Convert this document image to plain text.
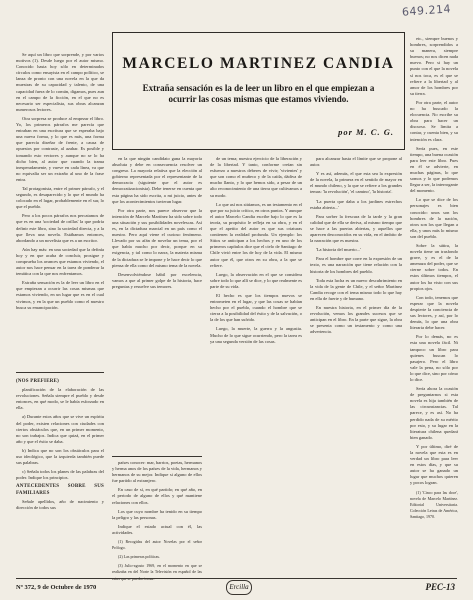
649.214

Se aquí un libro que sorprende, y por varios motivos (1). Desde luego por el autor mismo. Conocido hasta hoy sólo en determinados círculos como ensayista en el campo político, se lanza de pronto con una novela en la que da muestras de su capacidad y talento, de una capacidad fuera de lo común, digamos, pues aun en el campo de la ficción, en el que no es necesario ser especialista, sus obras alcanzan numerosos lectores.

Otra sorpresa se produce al empezar el libro. Yo, los primeros párrafos me parecía que entraban en una escritura que se esperaba bajo una nueva forma, y lo que es más, una forma que parecía diseñar de frente, a causa de opuestos por contraste, al azahar. Es posible y tomando esto vectores y aunque no se lo ha dicho bien, al autor que cuando la trama inesperadamente, y vueve en cada línea, va que no equivalía ser un extraño al uno de la frase entra.

Tal protagonista, entre el primer párrafo, y el segundo, es desaparecido y lo que el mundo ha colocado en el lugar, probablemente en el sur, lo que el pueblo.

Pero a los pocos párrafos nos percatamos de que es en una 'sociedad de orillas' la que podría definir este libro, sino la sociedad directa, y a la que lleva una novela. Estábamos entonces, abordando a un novelista que es a un escritor.

Aún hay más: en una sociedad que la definía hoy y en que acaba de concluir, prosigue y comprueba los avances que estamos viviendo, el autor nos hace pensar en la tarea de ponderar la temática con la que nos enfrentamos.

Extraña sensación es la de leer un libro en el que empiezan a ocurrir las cosas mismas que estamos viviendo, en un lugar que es en el cual vivimos, y en la que un pueblo como el nuestro busca su emancipación.

(NOS PREFIERE)

planificación de la elaboración de las revoluciones. Señala siempre el pueblo y desde entonces, en qué modo, se le había esforzado en ella.

a) Durante estos años que se vive un espíritu del poder, existen relaciones con ciudades con ciertos obstáculos que, en un primer momento, no son trabajos. Indica que quizá, en el primer año y que el éxito se daba.

b) Indica que no son los obstáculos para el uso ideológico, que la izquierda también puede sus palabras.

c) Señala todos los planes de las palabras del poder. Indique los principios.

ANTECEDENTES SOBRE SUS FAMILIARES

Señale apellidos, año de nacimiento y dirección de todos sus

MARCELO MARTINEZ CANDIA
Extraña sensación es la de leer un libro en el que empiezan a ocurrir las cosas mismas que estamos viviendo.
por M. C. G.

en la que ningún candidato gana la mayoría absoluta y debe en consecuencia resolver un congreso. La mayoría relativa que la elección al gobierno representada por el representante de la democracia (siguiente que el autor es democratizacionista). Debe tenerse en cuenta que esta página ha sido escrita, a mi juicio, antes de que los acontecimientos tuvieran lugar.

Por otra parte, nos parece observar que la intención de Marcelo Martínez ha sido sobre todo una situación y sus posibilidades novelescas. Así es, en la dictadura marcial en un país como el nuestro. Pero aquí viene el curioso fenómeno. Llevado por su afán de novelar un tema, por el que había mucho por decir, porque en su exigencia, y tal como lo narra, la materia misma de la dictadura se le impone y le hace decir lo que piensa de ella como del mismo tema de la novela.

Desenvolviéndose hábil por excelencia, vamos a que al primer golpe de la historia, hace preguntas y resuelve sus temores.

países conocer: mar, barrios, poetas, hermanos y herma anos de los países de la vida, hermanos y hermanos de su mejor. Indique si alguno de ellos fue partido al extranjero.

En caso de sí, en qué partido; en qué año, en el periodo de alguno de ellos y qué mantiene relaciones con ellos.

Los que cuyo nombre ha tenido en su tiempo la peligro y las personas.

Indique el estado actual con él, las actividades.

(1) Recogidas del autor Novelas por el señor Prólogo.

(2) Las primeras políticas.

(3) Julio-agosto 1969, en el momento en que se realizaba en del Norte la Televisión en español de las rutas que se pueden tomar.

de un tema; nuestra ejercicio de la liberación y de la libertad. Y tanto, conforme creían sin esfuerzo a nuestros deberes de vivir; 'vivientes' y que son como el muñeco y de la caída, dádiva de mucho llanto, y lo que hemos sido, a pesar de un alto reconocimiento de una tierra que cultivamos a su modo.

Lo que así nos sitúamos, es un testamento en el que por su juicio crítico, en otros puntos. Y aunque el autor Marcelo Candia escribe bajo lo que es la teoría, su propósito le refleja en su obra, y en el que el apetito del autor es que sus criaturas contienen la realidad profunda. Un ejemplo: los Sitios se anticipan a los hechos y en uno de los primeros capítulos dice que el cielo de Santiago de Chile vivió entre los de hoy de la vida. El mismo autor que él, que otros en su obra, a la que se refiere.

Luego, la observación en el que se considera sobre todo lo que allí se dice, y lo que realmente es parte de su vida.

El hecho es que los tiempos nuevos se entrometen en el lugar, y que las cosas se habían hecho por el pueblo, cuando el hombre que se cierra a la posibilidad del éxito y de la salvación, o la de los que han sufrido.

Luego, la muerte, la guerra y la angustia. Mucho de lo que sigue ocurriendo, pero la tarea es ya una segunda versión de las cosas.

para alcanzar hasta el límite que se propone al autor.

Y es así, además, el que esta sea la expresión de la novela, la primera en el sentido de mayor en el mundo chileno, y la que se refiere a los grandes temas: 'la revolución', 'el camino', 'la historia'.

'La puerta que daba a los jardines estrechos estaba abierta...'

Para sorber la frescura de la tarde y la gran calidad que de ella se deriva, al mismo tiempo que se hace a las puertas abiertas, y aquellos que aparecen desconocidos en su vida, en el ámbito de la narración que es nuestra.

'La historia del muerto...'

Para el hombre que corre en la expresión de un texto, es una narración que tiene relación con la historia de los hombres del pueblo.

Toda esta lucha es un nuevo descubrimiento en la vida de la gente de Chile, y el señor Martínez Candia recoge con el tema mismo todo lo que hay en ella de fuerte y de humano.

En nuestra historia, en el primer día de la revolución, vemos los grandes sucesos que se anticipan en el libro. En la parte que sigue, la obra se presenta como un testamento y como una advertencia.

etc., siempre buenos y hombres, sorprendidos a su manera, siempre buenos; no nos dicen nada nuevo. Pero si hay un punto con el que la novela sí nos toca, es el que se refiere a la libertad y al amor de los hombres por su tierra.

Por otra parte, el autor no ha buscado la elocuencia. No escribe su obra para hacer un discurso. Se limita a contar, y cuenta bien, y su intención es clara.

Sería pues, en este tiempo, una buena ocasión para leer este libro. Pues en él se advierte, en muchas páginas, lo que somos y lo que podemos llegar a ser, la interrogante del momento.

Lo que se dice de los personajes es bien conocido: unos son los hombres de la nación, otros son los que llegan a ella, y unos más lo mismo son del pueblo.

Sobre la sátira, la novela tiene un trasfondo grave, y es el de la amenaza del poder, que se cierne sobre todos. En estos últimos tiempos, el autor los ha visto con sus propios ojos.

Con todo, tenemos que esperar que la novela despierte la conciencia de sus lectores, y así, por lo demás, lo que una obra literaria debe hacer.

Por lo demás, no es esta una novela fácil. Ni tampoco un libro para quienes buscan lo pasajero. Pero el libro vale la pena, no sólo por lo que dice, sino por cómo lo dice.

Sería ahora la ocasión de preguntarnos si esta novela es hija también de las circunstancias. Tal parece, y es así. No ha perdido nada de su mérito por esto, y su lugar en la literatura chilena quedará bien ganado.

Y por último, diré de la novela que esta es en verdad un libro para leer en estos días, y que su autor se ha ganado un lugar que muchos quieren y pocos logran.

(1) 'Cinco para las doce', novela de Marcelo Martínez. Editorial Universitaria. Colección Letras de América, Santiago, 1970.

Nº 372, 9 de Octubre de 1970	Ercilla	PEC-13
